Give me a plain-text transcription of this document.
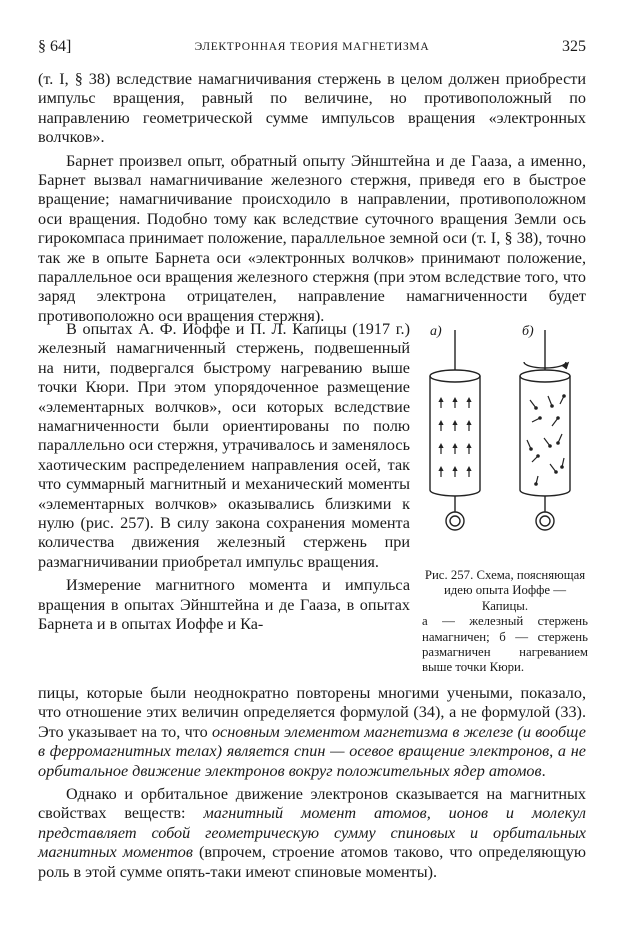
§ 64]	ЭЛЕКТРОННАЯ ТЕОРИЯ МАГНЕТИЗМА	325

(т. I, § 38) вследствие намагничивания стержень в целом должен приобрести импульс вращения, равный по величине, но противоположный по направлению геометрической сумме импульсов вращения «электронных волчков».

Барнет произвел опыт, обратный опыту Эйнштейна и де Гааза, а именно, Барнет вызвал намагничивание железного стержня, приведя его в быстрое вращение; намагничивание происходило в направлении, противоположном оси вращения. Подобно тому как вследствие суточного вращения Земли ось гирокомпаса принимает положение, параллельное земной оси (т. I, § 38), точно так же в опыте Барнета оси «электронных волчков» принимают положение, параллельное оси вращения железного стержня (при этом вследствие того, что заряд электрона отрицателен, направление намагниченности будет противоположно оси вращения стержня).

В опытах А. Ф. Иоффе и П. Л. Капицы (1917 г.) железный намагниченный стержень, подвешенный на нити, подвергался быстрому нагреванию выше точки Кюри. При этом упорядоченное размещение «элементарных волчков», оси которых вследствие намагниченности были ориентированы по полю параллельно оси стержня, утрачивалось и заменялось хаотическим распределением направления осей, так что суммарный магнитный и механический моменты «элементарных волчков» оказывались близкими к нулю (рис. 257). В силу закона сохранения момента количества движения железный стержень при размагничивании приобретал импульс вращения.

Измерение магнитного момента и импульса вращения в опытах Эйнштейна и де Гааза, в опытах Барнета и в опытах Иоффе и Ка-

а)	б)

Рис. 257. Схема, поясняющая идею опыта Иоффе — Капицы.

а — железный стержень намагничен; б — стержень размагничен нагреванием выше точки Кюри.

пицы, которые были неоднократно повторены многими учеными, показало, что отношение этих величин определяется формулой (34), а не формулой (33). Это указывает на то, что основным элементом магнетизма в железе (и вообще в ферромагнитных телах) является спин — осевое вращение электронов, а не орбитальное движение электронов вокруг положительных ядер атомов.

Однако и орбитальное движение электронов сказывается на магнитных свойствах веществ: магнитный момент атомов, ионов и молекул представляет собой геометрическую сумму спиновых и орбитальных магнитных моментов (впрочем, строение атомов таково, что определяющую роль в этой сумме опять-таки имеют спиновые моменты).
